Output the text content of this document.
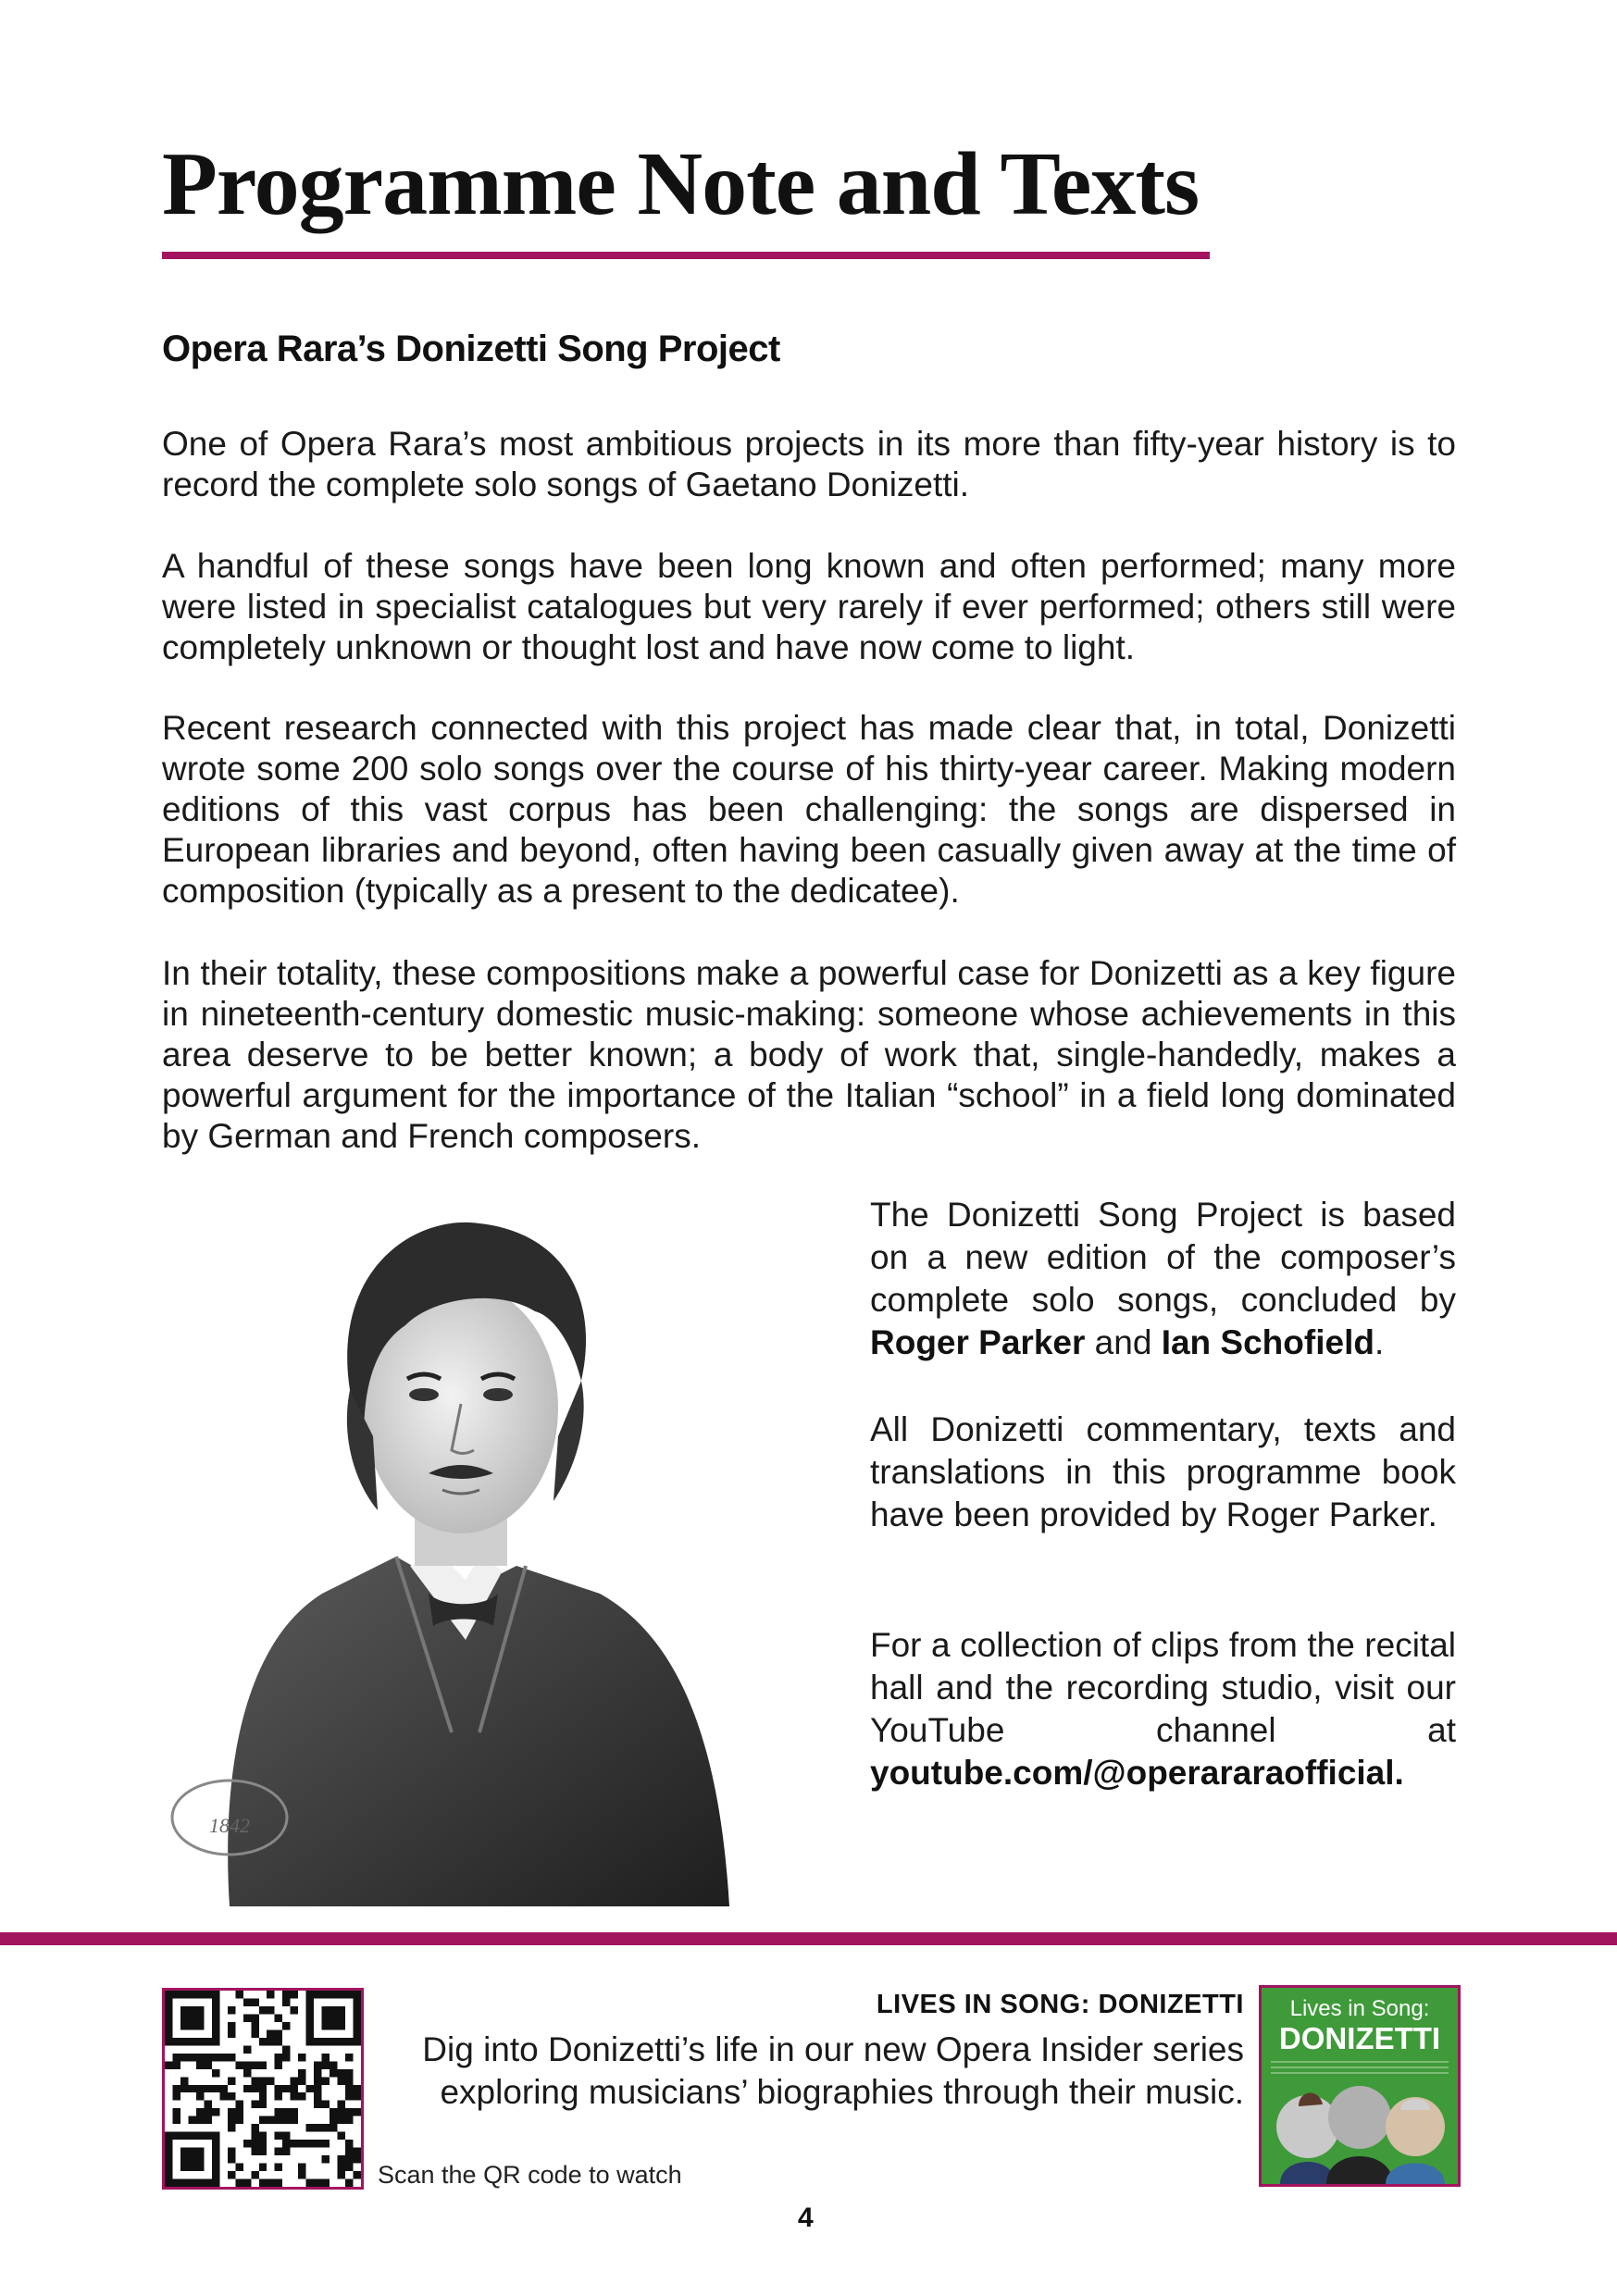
Programme Note and Texts
Opera Rara’s Donizetti Song Project

One of Opera Rara’s most ambitious projects in its more than fifty-year history is to record the complete solo songs of Gaetano Donizetti.

A handful of these songs have been long known and often performed; many more were listed in specialist catalogues but very rarely if ever performed; others still were completely unknown or thought lost and have now come to light.

Recent research connected with this project has made clear that, in total, Donizetti wrote some 200 solo songs over the course of his thirty-year career. Making modern editions of this vast corpus has been challenging: the songs are dispersed in European libraries and beyond, often having been casually given away at the time of composition (typically as a present to the dedicatee).

In their totality, these compositions make a powerful case for Donizetti as a key figure in nineteenth-century domestic music-making: someone whose achievements in this area deserve to be better known; a body of work that, single-handedly, makes a powerful argument for the importance of the Italian “school” in a field long dominated by German and French composers.

1842

The Donizetti Song Project is based on a new edition of the composer’s complete solo songs, concluded by Roger Parker and Ian Schofield.

All Donizetti commentary, texts and translations in this programme book have been provided by Roger Parker.

For a collection of clips from the recital hall and the recording studio, visit our YouTube channel at youtube.com/@operararaofficial.

Scan the QR code to watch
LIVES IN SONG: DONIZETTI

Dig into Donizetti’s life in our new Opera Insider series exploring musicians’ biographies through their music.

Lives in Song:
DONIZETTI
4
